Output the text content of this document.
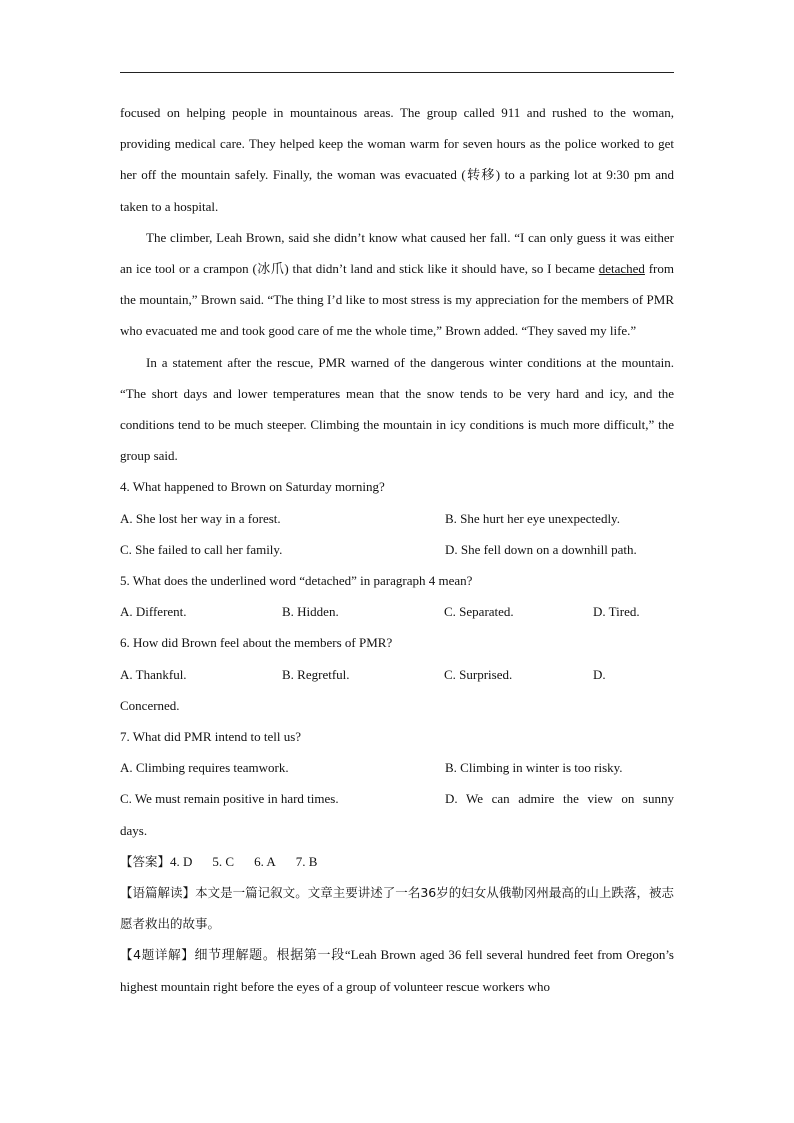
focused on helping people in mountainous areas. The group called 911 and rushed to the woman, providing medical care. They helped keep the woman warm for seven hours as the police worked to get her off the mountain safely. Finally, the woman was evacuated (转移) to a parking lot at 9:30 pm and taken to a hospital.

The climber, Leah Brown, said she didn’t know what caused her fall. “I can only guess it was either an ice tool or a crampon (冰爪) that didn’t land and stick like it should have, so I became detached from the mountain,” Brown said. “The thing I’d like to most stress is my appreciation for the members of PMR who evacuated me and took good care of me the whole time,” Brown added. “They saved my life.”

In a statement after the rescue, PMR warned of the dangerous winter conditions at the mountain. “The short days and lower temperatures mean that the snow tends to be very hard and icy, and the conditions tend to be much steeper. Climbing the mountain in icy conditions is much more difficult,” the group said.

4. What happened to Brown on Saturday morning?

A. She lost her way in a forest.	B. She hurt her eye unexpectedly.
C. She failed to call her family.	D. She fell down on a downhill path.

5. What does the underlined word “detached” in paragraph 4 mean?

A. Different.	B. Hidden.	C. Separated.	D. Tired.

6. How did Brown feel about the members of PMR?

A. Thankful.	B. Regretful.	C. Surprised.	D.

Concerned.

7. What did PMR intend to tell us?

A. Climbing requires teamwork.	B. Climbing in winter is too risky.
C. We must remain positive in hard times.	D. We can admire the view on sunny

days.

【答案】4. D 5. C 6. A 7. B

【语篇解读】本文是一篇记叙文。文章主要讲述了一名36岁的妇女从俄勒冈州最高的山上跌落，被志愿者救出的故事。

【4题详解】细节理解题。根据第一段“Leah Brown aged 36 fell several hundred feet from Oregon’s highest mountain right before the eyes of a group of volunteer rescue workers who
